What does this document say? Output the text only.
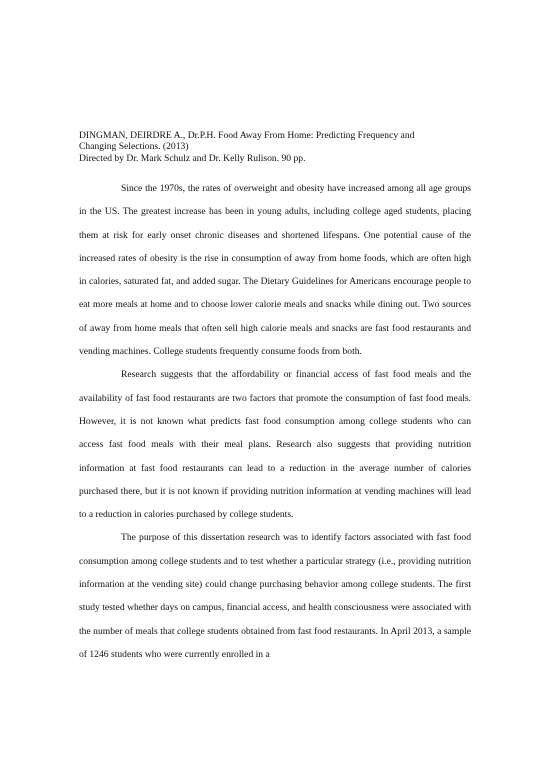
DINGMAN, DEIRDRE A., Dr.P.H. Food Away From Home: Predicting Frequency and
Changing Selections. (2013)
Directed by Dr. Mark Schulz and Dr. Kelly Rulison. 90 pp.

Since the 1970s, the rates of overweight and obesity have increased among all age groups in the US. The greatest increase has been in young adults, including college aged students, placing them at risk for early onset chronic diseases and shortened lifespans. One potential cause of the increased rates of obesity is the rise in consumption of away from home foods, which are often high in calories, saturated fat, and added sugar. The Dietary Guidelines for Americans encourage people to eat more meals at home and to choose lower calorie meals and snacks while dining out. Two sources of away from home meals that often sell high calorie meals and snacks are fast food restaurants and vending machines. College students frequently consume foods from both.

Research suggests that the affordability or financial access of fast food meals and the availability of fast food restaurants are two factors that promote the consumption of fast food meals. However, it is not known what predicts fast food consumption among college students who can access fast food meals with their meal plans. Research also suggests that providing nutrition information at fast food restaurants can lead to a reduction in the average number of calories purchased there, but it is not known if providing nutrition information at vending machines will lead to a reduction in calories purchased by college students.

The purpose of this dissertation research was to identify factors associated with fast food consumption among college students and to test whether a particular strategy (i.e., providing nutrition information at the vending site) could change purchasing behavior among college students. The first study tested whether days on campus, financial access, and health consciousness were associated with the number of meals that college students obtained from fast food restaurants. In April 2013, a sample of 1246 students who were currently enrolled in a
